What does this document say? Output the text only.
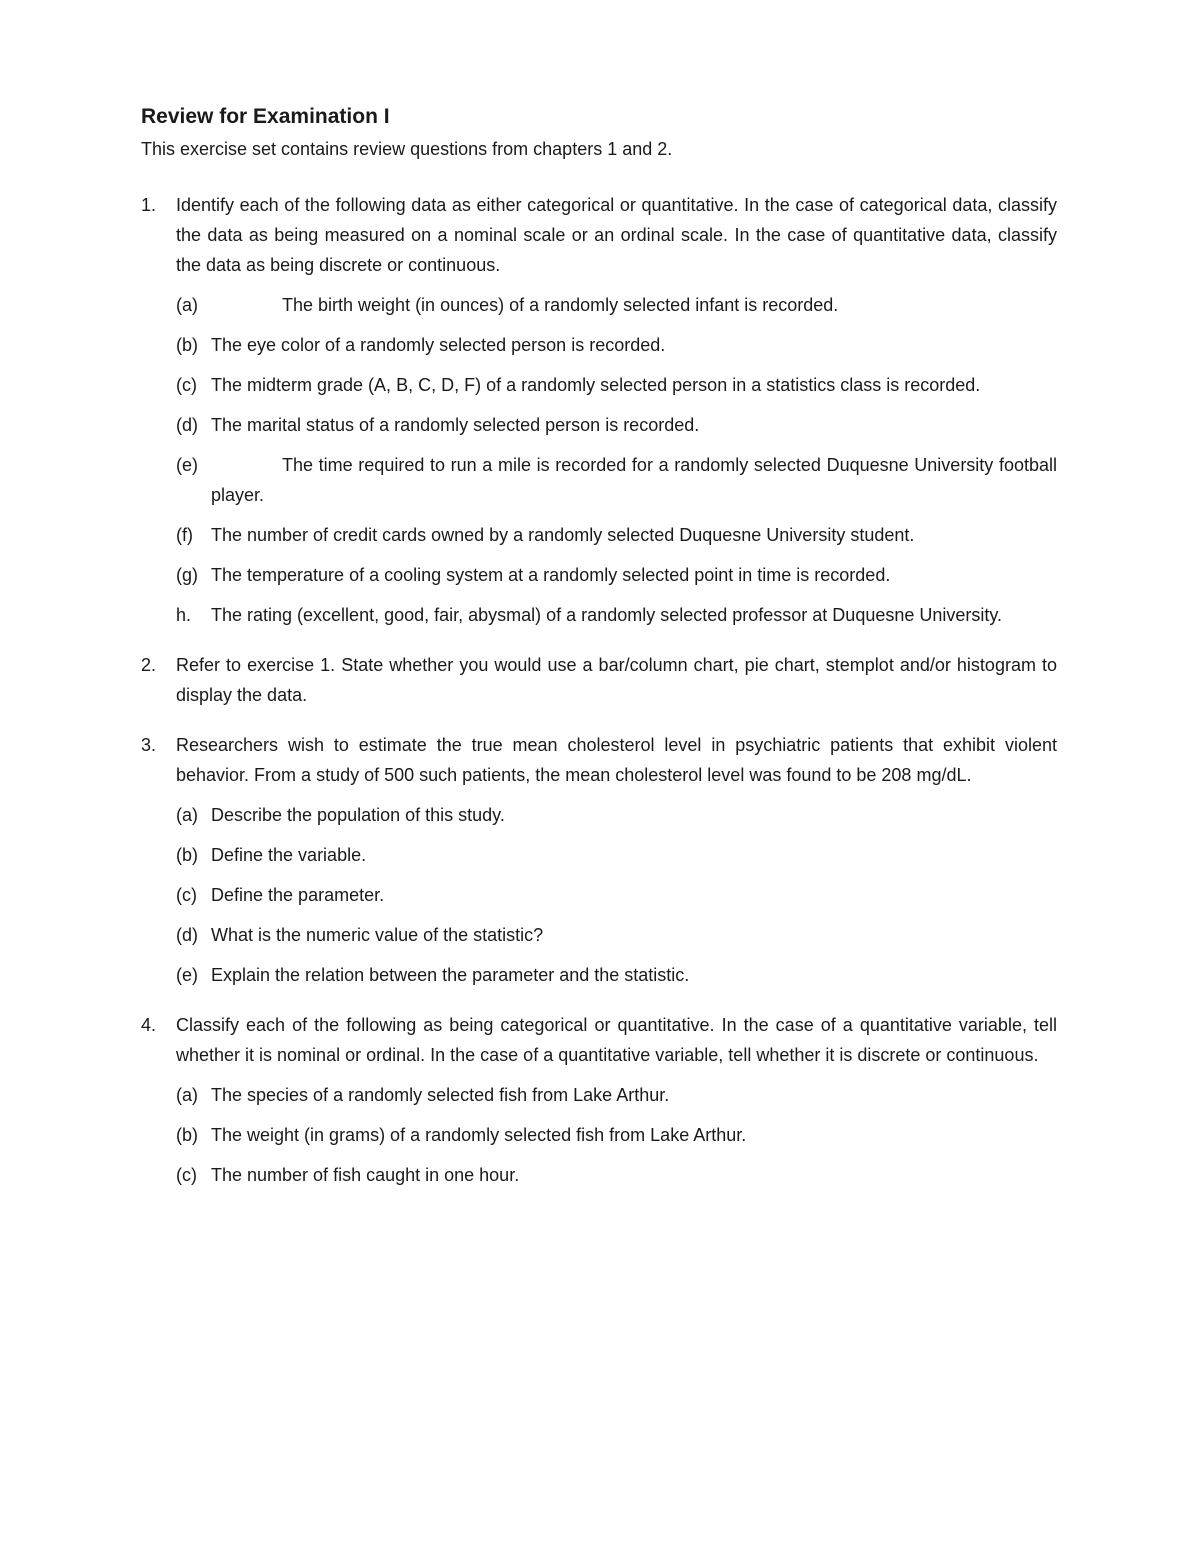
Review for Examination I

This exercise set contains review questions from chapters 1 and 2.

1. Identify each of the following data as either categorical or quantitative. In the case of categorical data, classify the data as being measured on a nominal scale or an ordinal scale. In the case of quantitative data, classify the data as being discrete or continuous.

(a)	The birth weight (in ounces) of a randomly selected infant is recorded.
(b) The eye color of a randomly selected person is recorded.
(c) The midterm grade (A, B, C, D, F) of a randomly selected person in a statistics class is recorded.
(d) The marital status of a randomly selected person is recorded.
(e)	The time required to run a mile is recorded for a randomly selected Duquesne University football player.
(f) The number of credit cards owned by a randomly selected Duquesne University student.
(g) The temperature of a cooling system at a randomly selected point in time is recorded.
h. The rating (excellent, good, fair, abysmal) of a randomly selected professor at Duquesne University.

2. Refer to exercise 1. State whether you would use a bar/column chart, pie chart, stemplot and/or histogram to display the data.

3. Researchers wish to estimate the true mean cholesterol level in psychiatric patients that exhibit violent behavior. From a study of 500 such patients, the mean cholesterol level was found to be 208 mg/dL.

(a) Describe the population of this study.
(b) Define the variable.
(c) Define the parameter.
(d) What is the numeric value of the statistic?
(e) Explain the relation between the parameter and the statistic.

4. Classify each of the following as being categorical or quantitative. In the case of a quantitative variable, tell whether it is nominal or ordinal. In the case of a quantitative variable, tell whether it is discrete or continuous.

(a) The species of a randomly selected fish from Lake Arthur.
(b) The weight (in grams) of a randomly selected fish from Lake Arthur.
(c) The number of fish caught in one hour.
